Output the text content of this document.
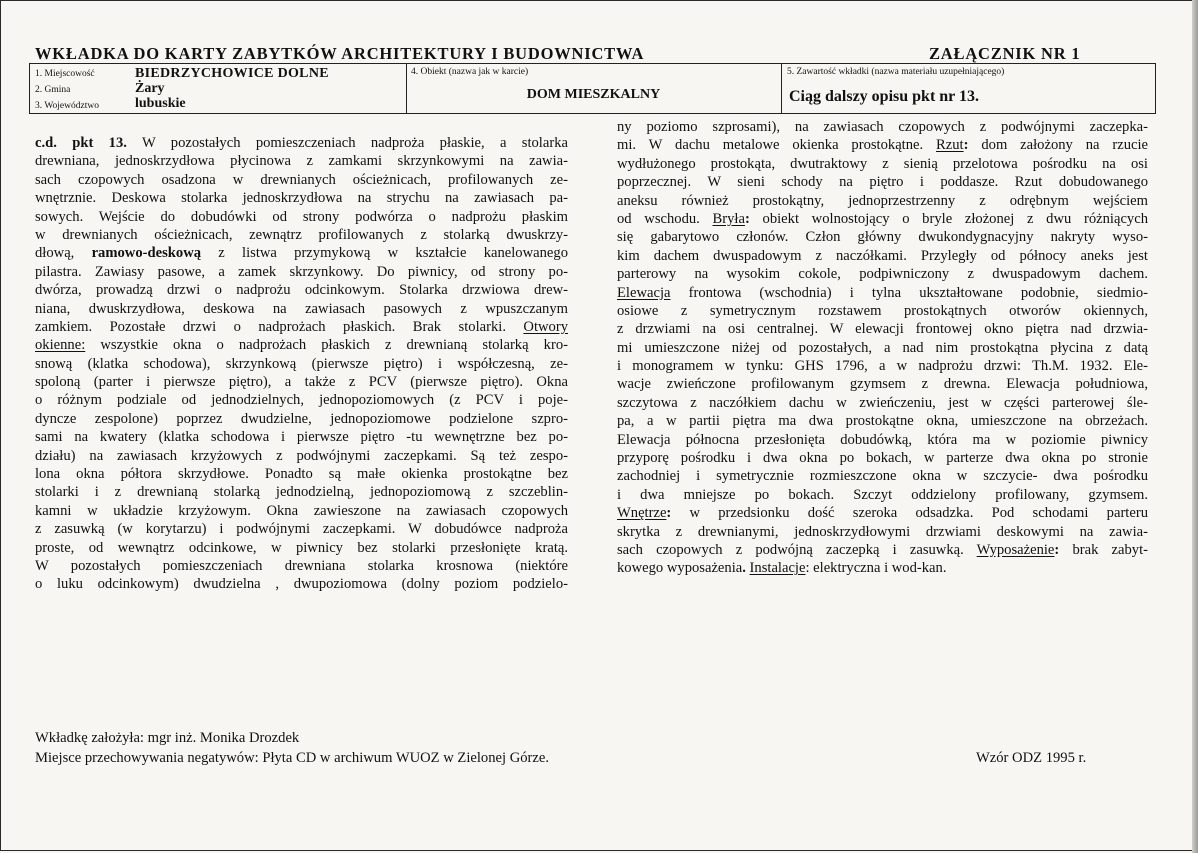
WKŁADKA DO KARTY ZABYTKÓW ARCHITEKTURY I BUDOWNICTWA	ZAŁĄCZNIK NR 1
1. Miejscowość	BIEDRZYCHOWICE DOLNE
2. Gmina	Żary
3. Województwo	lubuskie
4. Obiekt (nazwa jak w karcie)
DOM MIESZKALNY
5. Zawartość wkładki (nazwa materiału uzupełniającego)
Ciąg dalszy opisu pkt nr 13.
c.d. pkt 13. W pozostałych pomieszczeniach nadproża płaskie, a stolarka
drewniana, jednoskrzydłowa płycinowa z zamkami skrzynkowymi na zawia-
sach czopowych osadzona w drewnianych ościeżnicach, profilowanych ze-
wnętrznie. Deskowa stolarka jednoskrzydłowa na strychu na zawiasach pa-
sowych. Wejście do dobudówki od strony podwórza o nadprożu płaskim
w drewnianych ościeżnicach, zewnątrz profilowanych z stolarką dwuskrzy-
dłową, ramowo-deskową z listwa przymykową w kształcie kanelowanego
pilastra. Zawiasy pasowe, a zamek skrzynkowy. Do piwnicy, od strony po-
dwórza, prowadzą drzwi o nadprożu odcinkowym. Stolarka drzwiowa drew-
niana, dwuskrzydłowa, deskowa na zawiasach pasowych z wpuszczanym
zamkiem. Pozostałe drzwi o nadprożach płaskich. Brak stolarki. Otwory
okienne: wszystkie okna o nadprożach płaskich z drewnianą stolarką kro-
snową (klatka schodowa), skrzynkową (pierwsze piętro) i współczesną, ze-
spoloną (parter i pierwsze piętro), a także z PCV (pierwsze piętro). Okna
o różnym podziale od jednodzielnych, jednopoziomowych (z PCV i poje-
dyncze zespolone) poprzez dwudzielne, jednopoziomowe podzielone szpro-
sami na kwatery (klatka schodowa i pierwsze piętro -tu wewnętrzne bez po-
działu) na zawiasach krzyżowych z podwójnymi zaczepkami. Są też zespo-
lona okna półtora skrzydłowe. Ponadto są małe okienka prostokątne bez
stolarki i z drewnianą stolarką jednodzielną, jednopoziomową z szczeblin-
kamni w układzie krzyżowym. Okna zawieszone na zawiasach czopowych
z zasuwką (w korytarzu) i podwójnymi zaczepkami. W dobudówce nadproża
proste, od wewnątrz odcinkowe, w piwnicy bez stolarki przesłonięte kratą.
W pozostałych pomieszczeniach drewniana stolarka krosnowa (niektóre
o luku odcinkowym) dwudzielna , dwupoziomowa (dolny poziom podzielo-
ny poziomo szprosami), na zawiasach czopowych z podwójnymi zaczepka-
mi. W dachu metalowe okienka prostokątne. Rzut: dom założony na rzucie
wydłużonego prostokąta, dwutraktowy z sienią przelotowa pośrodku na osi
poprzecznej. W sieni schody na piętro i poddasze. Rzut dobudowanego
aneksu również prostokątny, jednoprzestrzenny z odrębnym wejściem
od wschodu. Bryła: obiekt wolnostojący o bryle złożonej z dwu różniących
się gabarytowo członów. Człon główny dwukondygnacyjny nakryty wyso-
kim dachem dwuspadowym z naczółkami. Przyległy od północy aneks jest
parterowy na wysokim cokole, podpiwniczony z dwuspadowym dachem.
Elewacja frontowa (wschodnia) i tylna ukształtowane podobnie, siedmio-
osiowe z symetrycznym rozstawem prostokątnych otworów okiennych,
z drzwiami na osi centralnej. W elewacji frontowej okno piętra nad drzwia-
mi umieszczone niżej od pozostałych, a nad nim prostokątna płycina z datą
i monogramem w tynku: GHS 1796, a w nadprożu drzwi: Th.M. 1932. Ele-
wacje zwieńczone profilowanym gzymsem z drewna. Elewacja południowa,
szczytowa z naczółkiem dachu w zwieńczeniu, jest w części parterowej śle-
pa, a w partii piętra ma dwa prostokątne okna, umieszczone na obrzeżach.
Elewacja północna przesłonięta dobudówką, która ma w poziomie piwnicy
przyporę pośrodku i dwa okna po bokach, w parterze dwa okna po stronie
zachodniej i symetrycznie rozmieszczone okna w szczycie- dwa pośrodku
i dwa mniejsze po bokach. Szczyt oddzielony profilowany, gzymsem.
Wnętrze: w przedsionku dość szeroka odsadzka. Pod schodami parteru
skrytka z drewnianymi, jednoskrzydłowymi drzwiami deskowymi na zawia-
sach czopowych z podwójną zaczepką i zasuwką. Wyposażenie: brak zabyt-
kowego wyposażenia. Instalacje: elektryczna i wod-kan.
Wkładkę założyła: mgr inż. Monika Drozdek
Miejsce przechowywania negatywów: Płyta CD w archiwum WUOZ w Zielonej Górze.	Wzór ODZ 1995 r.
